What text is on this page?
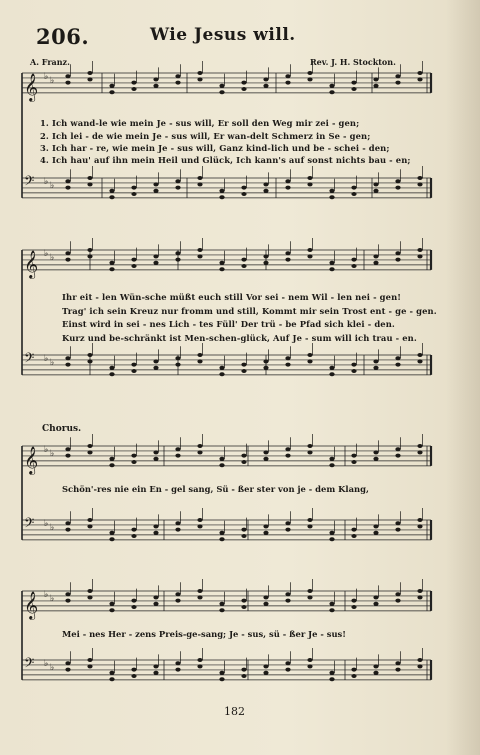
206.	Wie Jesus will.
A. Franz.	Rev. J. H. Stockton.
𝄞 ♭ ♭
𝄢 ♭ ♭
𝄞 ♭ ♭
𝄢 ♭ ♭
𝄞 ♭ ♭
𝄢 ♭ ♭
𝄞 ♭ ♭
𝄢 ♭ ♭
1. Ich wand-le wie mein Je - sus will, Er soll den Weg mir zei - gen;
2. Ich lei - de wie mein Je - sus will, Er wan-delt Schmerz in Se - gen;
3. Ich har - re, wie mein Je - sus will, Ganz kind-lich und be - schei - den;
4. Ich hau' auf ihn mein Heil und Glück, Ich kann's auf sonst nichts bau - en;
Ihr eit - len Wün-sche müßt euch still Vor sei - nem Wil - len nei - gen!
Trag' ich sein Kreuz nur fromm und still, Kommt mir sein Trost ent - ge - gen.
Einst wird in sei - nes Lich - tes Füll' Der trü - be Pfad sich klei - den.
Kurz und be-schränkt ist Men-schen-glück, Auf Je - sum will ich trau - en.
Chorus.
Schön'-res nie ein En - gel sang, Sü - ßer ster von je - dem Klang,
Mei - nes Her - zens Preis-ge-sang; Je - sus, sü - ßer Je - sus!
182
